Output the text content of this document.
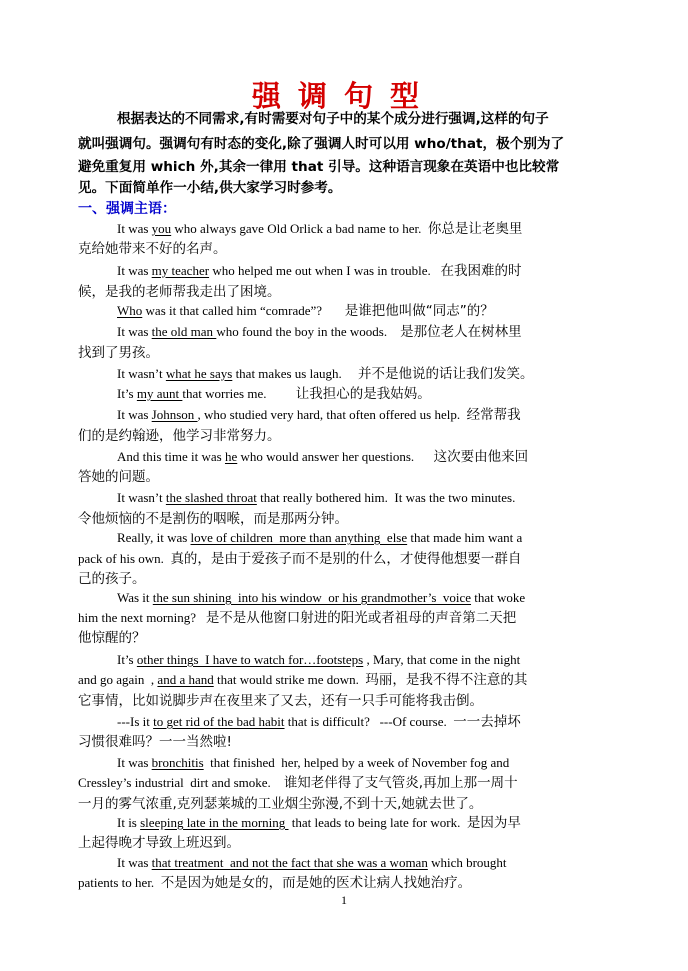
强调句型
根据表达的不同需求,有时需要对句子中的某个成分进行强调,这样的句子
就叫强调句。强调句有时态的变化,除了强调人时可以用 who/that，极个别为了
避免重复用 which 外,其余一律用 that 引导。这种语言现象在英语中也比较常
见。下面简单作一小结,供大家学习时参考。
一、强调主语：
It was you who always gave Old Orlick a bad name to her.  你总是让老奥里
克给她带来不好的名声。
It was my teacher who helped me out when I was in trouble.   在我困难的时
候，是我的老师帮我走出了困境。
Who was it that called him “comrade”?       是谁把他叫做“同志”的？
It was the old man who found the boy in the woods.    是那位老人在树林里
找到了男孩。
It wasn’t what he says that makes us laugh.     并不是他说的话让我们发笑。
It’s my aunt that worries me.         让我担心的是我姑妈。
It was Johnson , who studied very hard, that often offered us help.  经常帮我
们的是约翰逊，他学习非常努力。
And this time it was he who would answer her questions.      这次要由他来回
答她的问题。
It wasn’t the slashed throat that really bothered him.  It was the two minutes.
令他烦恼的不是割伤的咽喉，而是那两分钟。
Really, it was love of children  more than anything  else that made him want a
pack of his own.  真的，是由于爱孩子而不是别的什么，才使得他想要一群自
己的孩子。
Was it the sun shining  into his window  or his grandmother’s  voice that woke
him the next morning?   是不是从他窗口射进的阳光或者祖母的声音第二天把
他惊醒的？
It’s other things  I have to watch for…footsteps , Mary, that come in the night
and go again  , and a hand that would strike me down.  玛丽，是我不得不注意的其
它事情，比如说脚步声在夜里来了又去，还有一只手可能将我击倒。
---Is it to get rid of the bad habit that is difficult?   ---Of course.  一一去掉坏
习惯很难吗？一一当然啦!
It was bronchitis  that finished  her, helped by a week of November fog and
Cressley’s industrial  dirt and smoke.    谁知老伴得了支气管炎,再加上那一周十
一月的雾气浓重,克列瑟莱城的工业烟尘弥漫,不到十天,她就去世了。
It is sleeping late in the morning  that leads to being late for work.  是因为早
上起得晚才导致上班迟到。
It was that treatment  and not the fact that she was a woman which brought
patients to her.  不是因为她是女的，而是她的医术让病人找她治疗。
1
